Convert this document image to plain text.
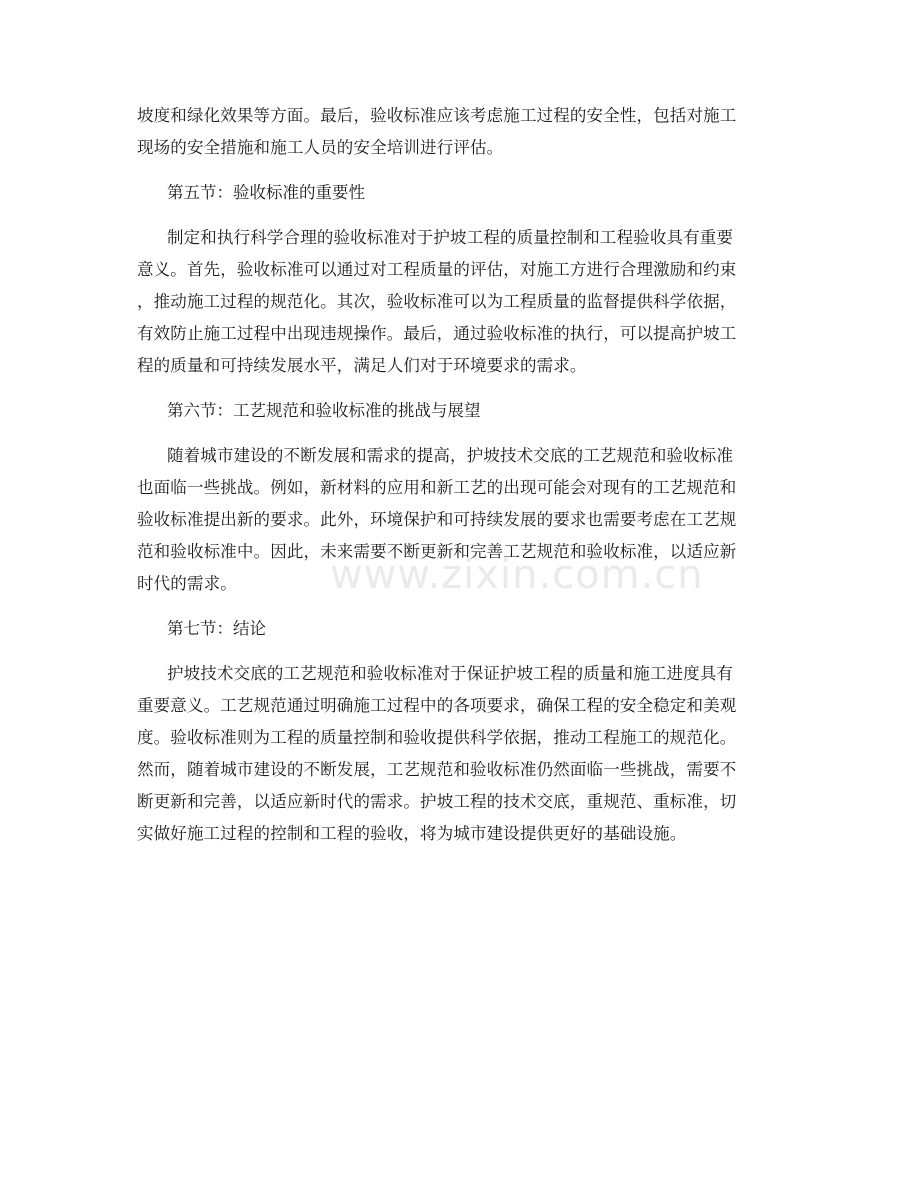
坡度和绿化效果等方面。最后，验收标准应该考虑施工过程的安全性，包括对施工
现场的安全措施和施工人员的安全培训进行评估。
第五节：验收标准的重要性
制定和执行科学合理的验收标准对于护坡工程的质量控制和工程验收具有重要
意义。首先，验收标准可以通过对工程质量的评估，对施工方进行合理激励和约束
，推动施工过程的规范化。其次，验收标准可以为工程质量的监督提供科学依据，
有效防止施工过程中出现违规操作。最后，通过验收标准的执行，可以提高护坡工
程的质量和可持续发展水平，满足人们对于环境要求的需求。
第六节：工艺规范和验收标准的挑战与展望
随着城市建设的不断发展和需求的提高，护坡技术交底的工艺规范和验收标准
也面临一些挑战。例如，新材料的应用和新工艺的出现可能会对现有的工艺规范和
验收标准提出新的要求。此外，环境保护和可持续发展的要求也需要考虑在工艺规
范和验收标准中。因此，未来需要不断更新和完善工艺规范和验收标准，以适应新
时代的需求。
第七节：结论
护坡技术交底的工艺规范和验收标准对于保证护坡工程的质量和施工进度具有
重要意义。工艺规范通过明确施工过程中的各项要求，确保工程的安全稳定和美观
度。验收标准则为工程的质量控制和验收提供科学依据，推动工程施工的规范化。
然而，随着城市建设的不断发展，工艺规范和验收标准仍然面临一些挑战，需要不
断更新和完善，以适应新时代的需求。护坡工程的技术交底，重规范、重标准，切
实做好施工过程的控制和工程的验收，将为城市建设提供更好的基础设施。
www.zixin.com.cn
